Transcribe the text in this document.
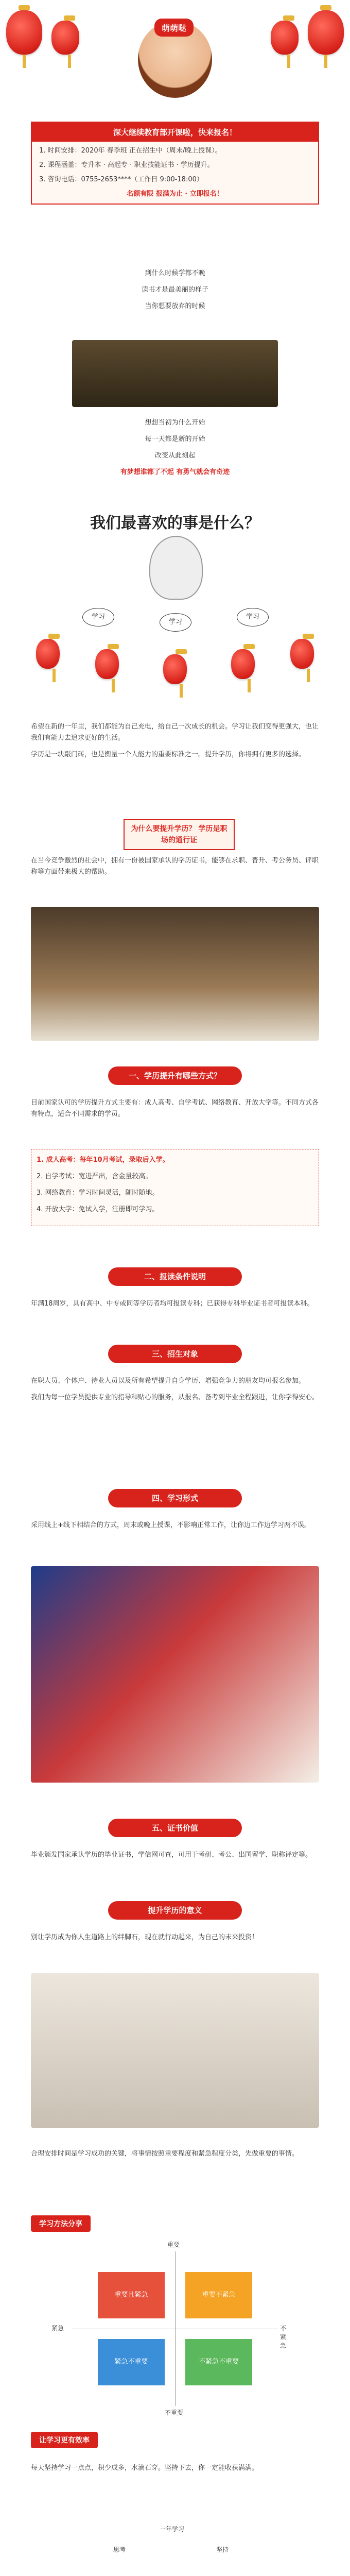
萌萌哒
深大继续教育部开课啦，快来报名！

1. 时间安排：2020年 春季班 正在招生中（周末/晚上授课）。

2. 课程涵盖：专升本 · 高起专 · 职业技能证书 · 学历提升。

3. 咨询电话：0755-2653****（工作日 9:00-18:00）

名额有限 报满为止 · 立即报名！

到什么时候学都不晚

读书才是最美丽的样子

当你想要放弃的时候

想想当初为什么开始

每一天都是新的开始

改变从此刻起

有梦想谁都了不起 有勇气就会有奇迹

我们最喜欢的事是什么？
学习
学习
学习

希望在新的一年里，我们都能为自己充电，给自己一次成长的机会。学习让我们变得更强大，也让我们有能力去追求更好的生活。

学历是一块敲门砖，也是衡量一个人能力的重要标准之一。提升学历，你将拥有更多的选择。

为什么要提升学历？ 学历是职场的通行证

在当今竞争激烈的社会中，拥有一份被国家承认的学历证书，能够在求职、晋升、考公务员、评职称等方面带来极大的帮助。

一、学历提升有哪些方式？

目前国家认可的学历提升方式主要有：成人高考、自学考试、网络教育、开放大学等。不同方式各有特点，适合不同需求的学员。

1. 成人高考：每年10月考试，录取后入学。

2. 自学考试：宽进严出，含金量较高。

3. 网络教育：学习时间灵活，随时随地。

4. 开放大学：免试入学，注册即可学习。

二、报读条件说明

年满18周岁，具有高中、中专或同等学历者均可报读专科；已获得专科毕业证书者可报读本科。

三、招生对象

在职人员、个体户、待业人员以及所有希望提升自身学历、增强竞争力的朋友均可报名参加。

我们为每一位学员提供专业的指导和贴心的服务，从报名、备考到毕业全程跟进，让你学得安心。

四、学习形式

采用线上+线下相结合的方式，周末或晚上授课，不影响正常工作，让你边工作边学习两不误。

五、证书价值

毕业颁发国家承认学历的毕业证书，学信网可查，可用于考研、考公、出国留学、职称评定等。

提升学历的意义

别让学历成为你人生道路上的绊脚石，现在就行动起来，为自己的未来投资！

合理安排时间是学习成功的关键，将事情按照重要程度和紧急程度分类，先做重要的事情。

学习方法分享
重要
不重要
紧急	不紧急
重要且紧急	重要不紧急
紧急不重要	不紧急不重要
让学习更有效率

每天坚持学习一点点，积少成多，水滴石穿。坚持下去，你一定能收获满满。

一年学习
坚持
思考
